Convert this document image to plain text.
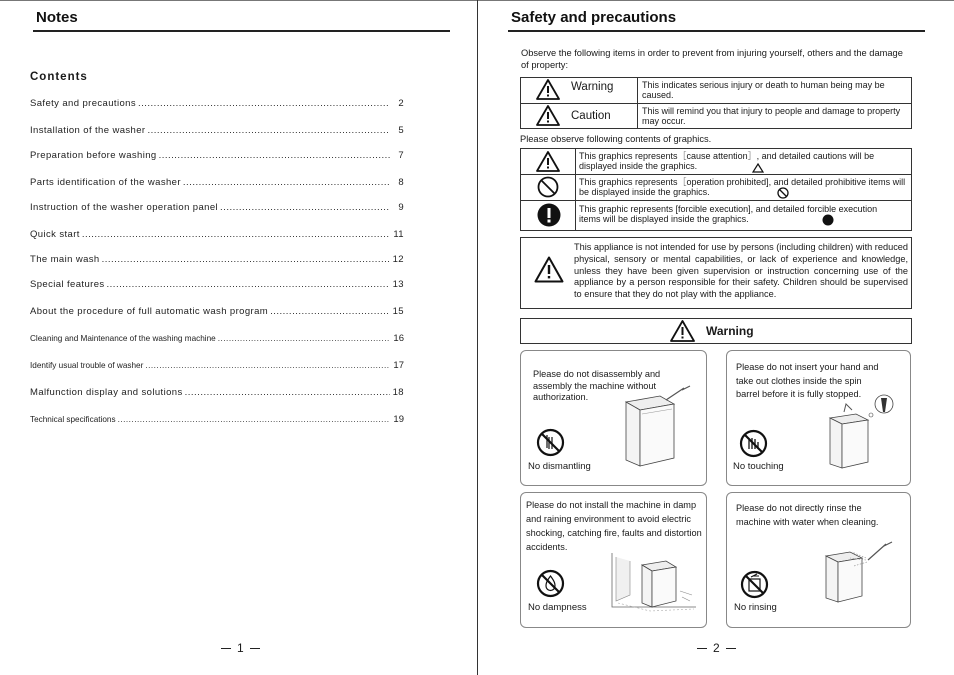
Notes
Contents
Safety and precautions .....	2
Installation of the washer .....	5
Preparation before washing .....	7
Parts identification of the washer .....	8
Instruction of the washer operation panel .....	9
Quick start .....	11
The main wash .....	12
Special features .....	13
About the procedure of full automatic wash program .....	15
Cleaning and Maintenance of the washing machine .....	16
Identify usual trouble of washer .....	17
Malfunction display and solutions .....	18
Technical specifications .....	19
1
Safety and precautions
Observe the following items in order to prevent from injuring yourself, others and the damage of property:
Warning	This indicates serious injury or death to human being may be caused.
Caution	This will remind you that injury to people and damage to property may occur.
Please observe following contents of graphics.
This graphics represents［cause attention］, and detailed cautions will be displayed inside the graphics.
This graphics represents［operation prohibited], and detailed prohibitive items will be displayed inside the graphics.
This graphic represents [forcible execution], and detailed forcible execution items will be displayed inside the graphics.
This appliance is not intended for use by persons (including children) with reduced physical, sensory or mental capabilities, or lack of experience and knowledge, unless they have been given supervision or instruction concerning use of the appliance by a person responsible for their safety. Children should be supervised to ensure that they do not play with the appliance.
Warning
Please do not disassembly and assembly the machine without authorization.
No dismantling
Please do not insert your hand and take out clothes inside the spin barrel before it is fully stopped.
No touching
Please do not install the machine in damp and raining environment to avoid electric shocking, catching fire, faults and distortion accidents.
No dampness
Please do not directly rinse the machine with water when cleaning.
No rinsing
2
